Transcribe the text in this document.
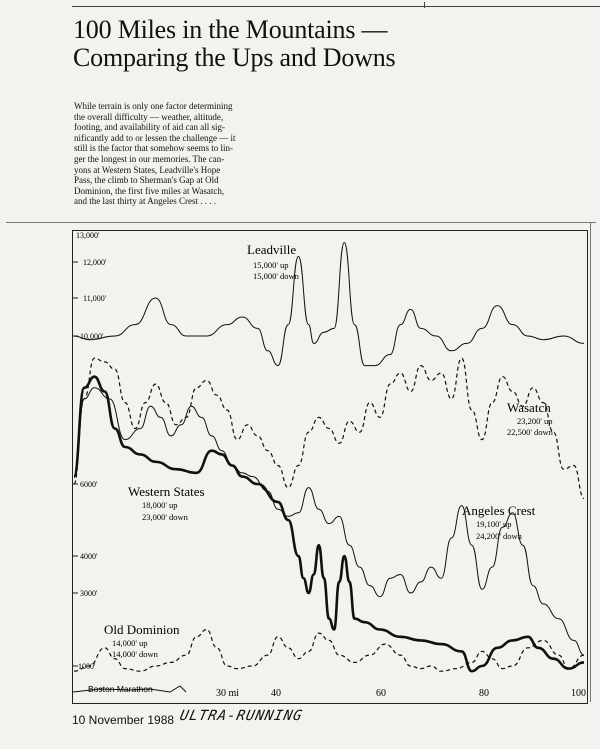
100 Miles in the Mountains —
Comparing the Ups and Downs
While terrain is only one factor determining
the overall difficulty — weather, altitude,
footing, and availability of aid can all sig-
nificantly add to or lessen the challenge — it
still is the factor that somehow seems to lin-
ger the longest in our memories. The can-
yons at Western States, Leadville's Hope
Pass, the climb to Sherman's Gap at Old
Dominion, the first five miles at Wasatch,
and the last thirty at Angeles Crest . . . .
13,000'
12,000'
11,000'
10,000'
6000'
4000'
3000'
1000'
30 mi	40	60	80	100
Boston Marathon
Leadville
15,000' up
15,000' down
Wasatch
23,200' up
22,500' down
Western States
18,000' up
23,000' down	Angeles Crest
19,100' up
24,200' down
Old Dominion
14,000' up
14,000' down
10 November 1988 ULTRA-RUNNING
